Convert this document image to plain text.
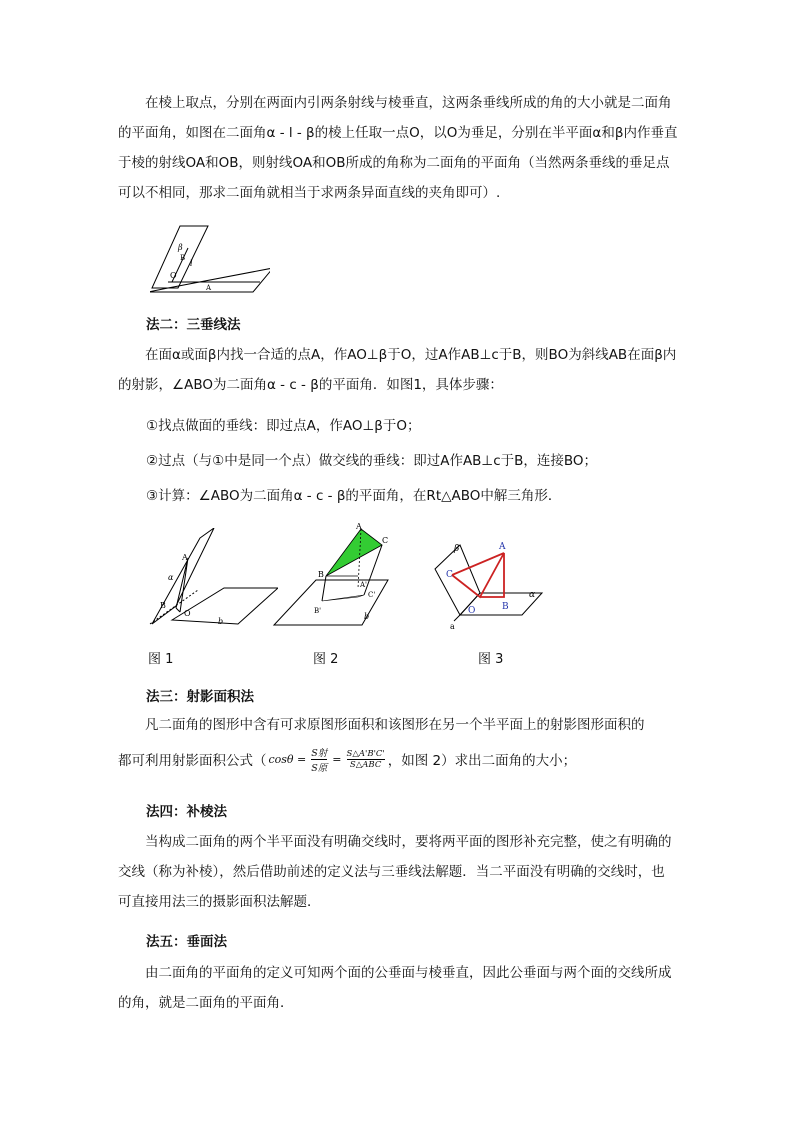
在棱上取点，分别在两面内引两条射线与棱垂直，这两条垂线所成的角的大小就是二面角的平面角，如图在二面角α - l - β的棱上任取一点O，以O为垂足，分别在半平面α和β内作垂直于棱的射线OA和OB，则射线OA和OB所成的角称为二面角的平面角（当然两条垂线的垂足点可以不相同，那求二面角就相当于求两条异面直线的夹角即可）.

β
l
O
B
A
法二：三垂线法

在面α或面β内找一合适的点A，作AO⊥β于O，过A作AB⊥c于B，则BO为斜线AB在面β内的射影，∠ABO为二面角α - c - β的平面角．如图1，具体步骤：

①找点做面的垂线：即过点A，作AO⊥β于O；
②过点（与①中是同一个点）做交线的垂线：即过A作AB⊥c于B，连接BO；
③计算：∠ABO为二面角α - c - β的平面角，在Rt△ABO中解三角形．
A
α
B
O
b
图 1
A
C
B
A'
B'
C'
b
图 2
β	A
C
α
O	B
a
图 3
法三：射影面积法

凡二面角的图形中含有可求原图形面积和该图形在另一个半平面上的射影图形面积的

都可利用射影面积公式（ cosθ = S射
S原
= S△A'B'C'
S△ABC ，如图 2）求出二面角的大小；
法四：补棱法

当构成二面角的两个半平面没有明确交线时，要将两平面的图形补充完整，使之有明确的交线（称为补棱），然后借助前述的定义法与三垂线法解题．当二平面没有明确的交线时，也可直接用法三的摄影面积法解题．

法五：垂面法

由二面角的平面角的定义可知两个面的公垂面与棱垂直，因此公垂面与两个面的交线所成的角，就是二面角的平面角．
